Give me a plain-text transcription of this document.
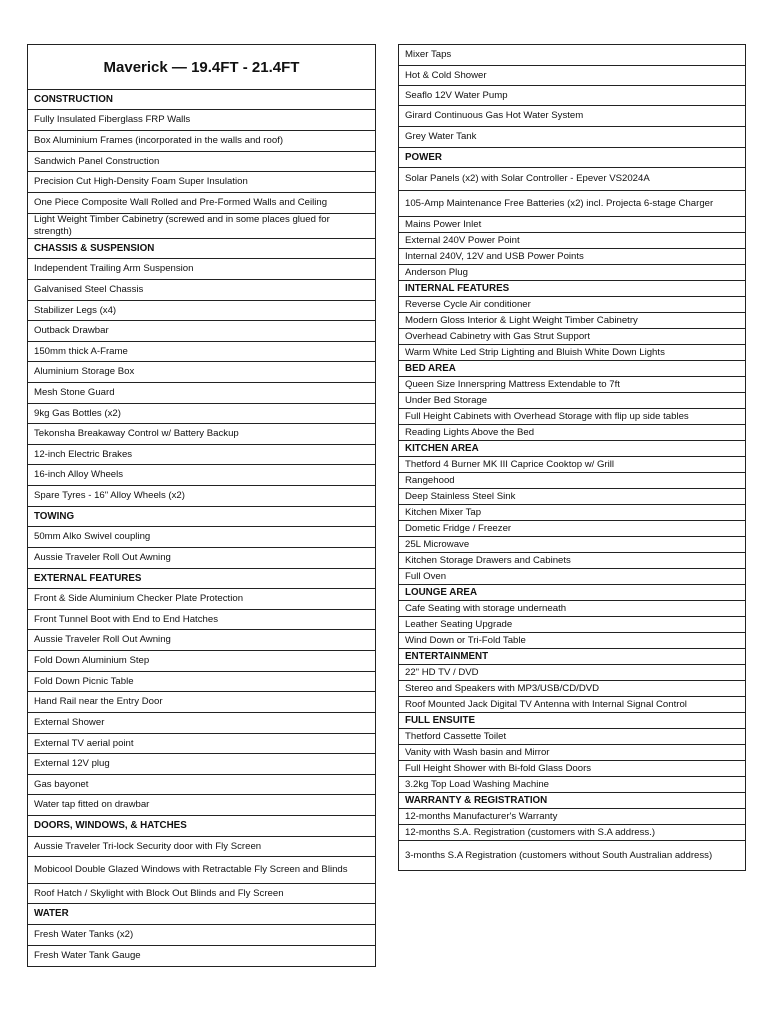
Maverick — 19.4FT - 21.4FT
CONSTRUCTION
Fully Insulated Fiberglass FRP Walls
Box Aluminium Frames (incorporated in the walls and roof)
Sandwich Panel Construction
Precision Cut High-Density Foam Super Insulation
One Piece Composite Wall Rolled and Pre-Formed Walls and Ceiling
Light Weight Timber Cabinetry (screwed and in some places glued for strength)
CHASSIS & SUSPENSION
Independent Trailing Arm Suspension
Galvanised Steel Chassis
Stabilizer Legs (x4)
Outback Drawbar
150mm thick A-Frame
Aluminium Storage Box
Mesh Stone Guard
9kg Gas Bottles (x2)
Tekonsha Breakaway Control w/ Battery Backup
12-inch Electric Brakes
16-inch Alloy Wheels
Spare Tyres - 16" Alloy Wheels (x2)
TOWING
50mm Alko Swivel coupling
Aussie Traveler Roll Out Awning
EXTERNAL FEATURES
Front & Side Aluminium Checker Plate Protection
Front Tunnel Boot with End to End Hatches
Aussie Traveler Roll Out Awning
Fold Down Aluminium Step
Fold Down Picnic Table
Hand Rail near the Entry Door
External Shower
External TV aerial point
External 12V plug
Gas bayonet
Water tap fitted on drawbar
DOORS, WINDOWS, & HATCHES
Aussie Traveler Tri-lock Security door with Fly Screen
Mobicool Double Glazed Windows with Retractable Fly Screen and Blinds
Roof Hatch / Skylight with Block Out Blinds and Fly Screen
WATER
Fresh Water Tanks (x2)
Fresh Water Tank Gauge
Mixer Taps
Hot & Cold Shower
Seaflo 12V Water Pump
Girard Continuous Gas Hot Water System
Grey Water Tank
POWER
Solar Panels (x2) with Solar Controller - Epever VS2024A
105-Amp Maintenance Free Batteries (x2) incl. Projecta 6-stage Charger
Mains Power Inlet
External 240V Power Point
Internal 240V, 12V and USB Power Points
Anderson Plug
INTERNAL FEATURES
Reverse Cycle Air conditioner
Modern Gloss Interior & Light Weight Timber Cabinetry
Overhead Cabinetry with Gas Strut Support
Warm White Led Strip Lighting and Bluish White Down Lights
BED AREA
Queen Size Innerspring Mattress Extendable to 7ft
Under Bed Storage
Full Height Cabinets with Overhead Storage with flip up side tables
Reading Lights Above the Bed
KITCHEN AREA
Thetford 4 Burner MK III Caprice Cooktop w/ Grill
Rangehood
Deep Stainless Steel Sink
Kitchen Mixer Tap
Dometic Fridge / Freezer
25L Microwave
Kitchen Storage Drawers and Cabinets
Full Oven
LOUNGE AREA
Cafe Seating with storage underneath
Leather Seating Upgrade
Wind Down or Tri-Fold Table
ENTERTAINMENT
22" HD TV / DVD
Stereo and Speakers with MP3/USB/CD/DVD
Roof Mounted Jack Digital TV Antenna with Internal Signal Control
FULL ENSUITE
Thetford Cassette Toilet
Vanity with Wash basin and Mirror
Full Height Shower with Bi-fold Glass Doors
3.2kg Top Load Washing Machine
WARRANTY & REGISTRATION
12-months Manufacturer's Warranty
12-months S.A. Registration (customers with S.A address.)
3-months S.A Registration (customers without South Australian address)
